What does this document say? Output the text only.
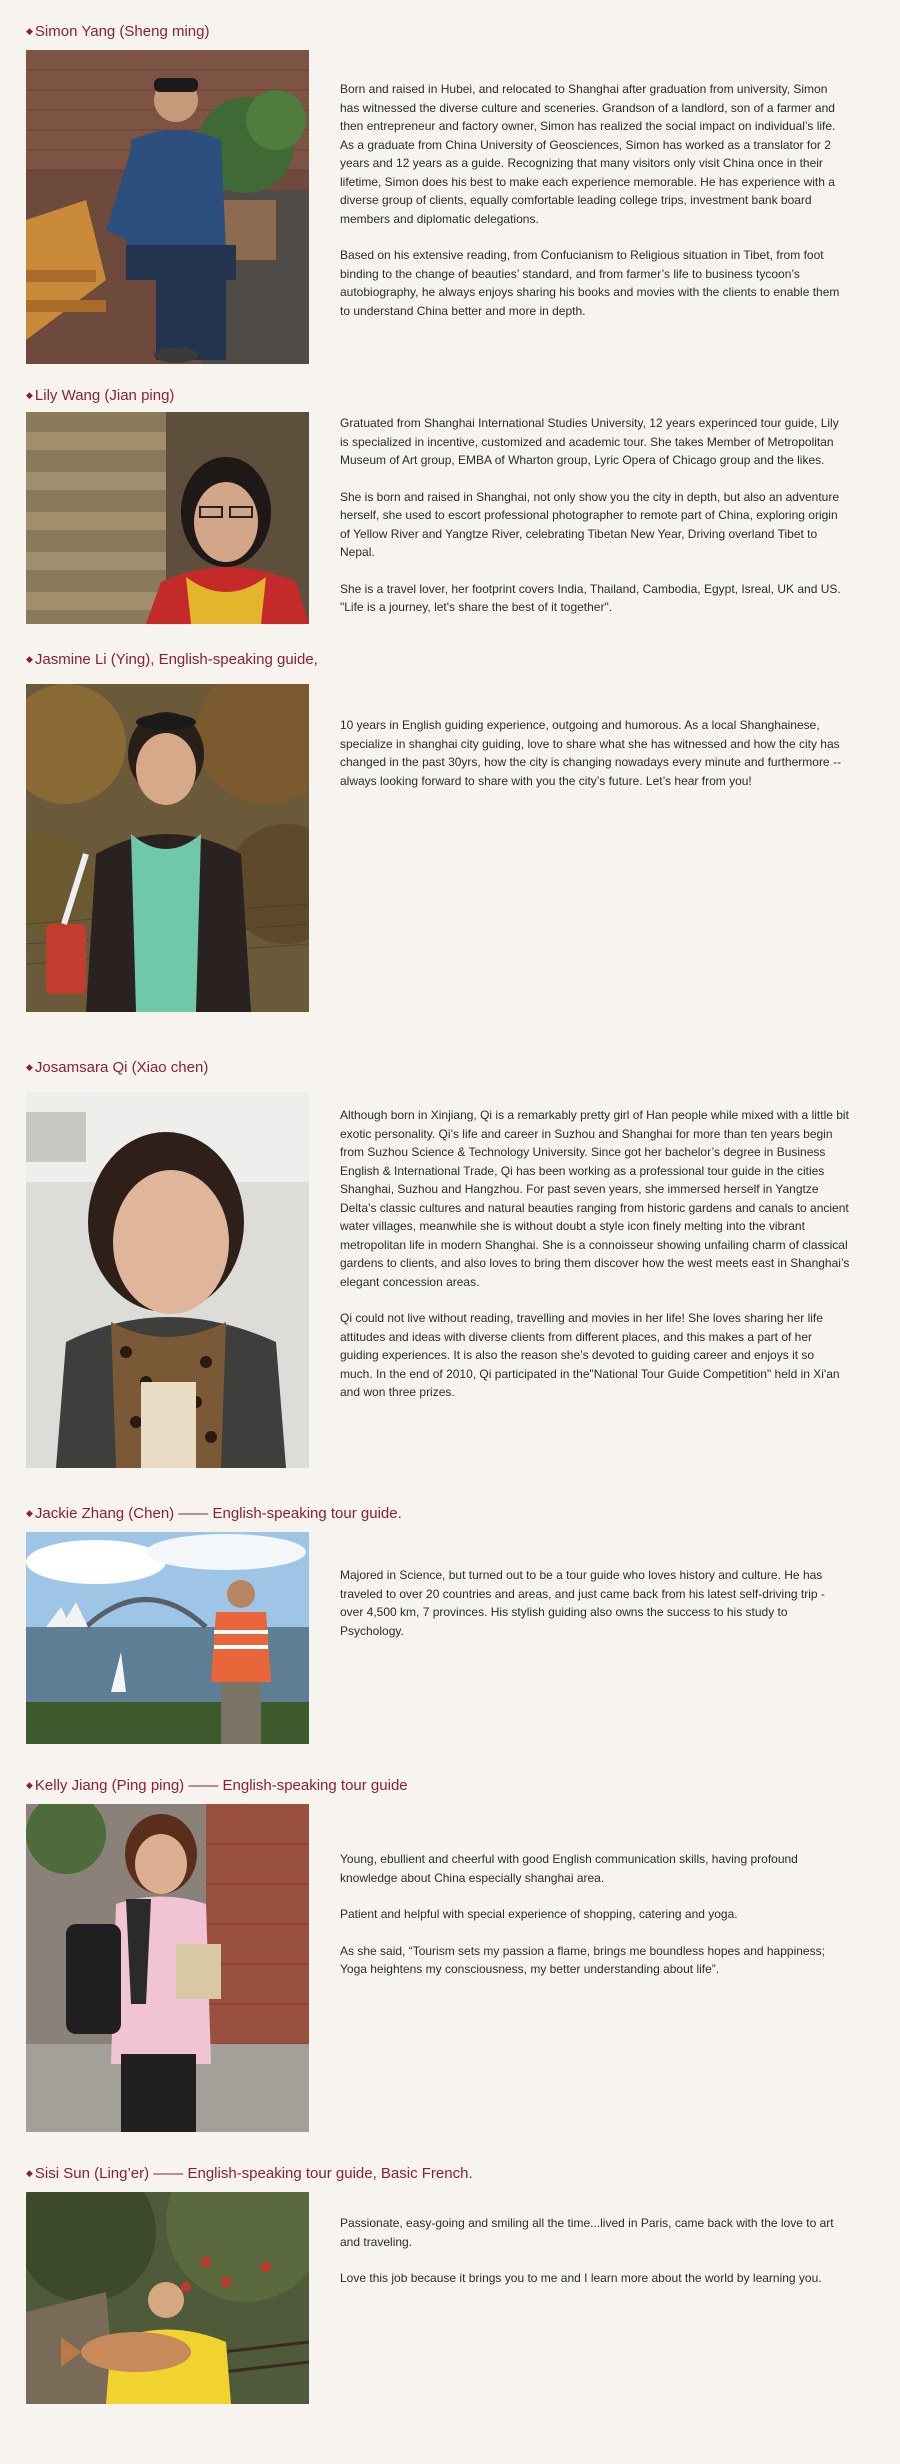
◆ Simon Yang (Sheng ming)

Born and raised in Hubei, and relocated to Shanghai after graduation from university, Simon has witnessed the diverse culture and sceneries. Grandson of a landlord, son of a farmer and then entrepreneur and factory owner, Simon has realized the social impact on individual’s life. As a graduate from China University of Geosciences, Simon has worked as a translator for 2 years and 12 years as a guide. Recognizing that many visitors only visit China once in their lifetime, Simon does his best to make each experience memorable. He has experience with a diverse group of clients, equally comfortable leading college trips, investment bank board members and diplomatic delegations.

Based on his extensive reading, from Confucianism to Religious situation in Tibet, from foot binding to the change of beauties’ standard, and from farmer’s life to business tycoon’s autobiography, he always enjoys sharing his books and movies with the clients to enable them to understand China better and more in depth.

◆ Lily Wang (Jian ping)

Gratuated from Shanghai International Studies University, 12 years experinced tour guide, Lily is specialized in incentive, customized and academic tour. She takes Member of Metropolitan Museum of Art group, EMBA of Wharton group, Lyric Opera of Chicago group and the likes.

She is born and raised in Shanghai, not only show you the city in depth, but also an adventure herself, she used to escort professional photographer to remote part of China, exploring origin of Yellow River and Yangtze River, celebrating Tibetan New Year, Driving overland Tibet to Nepal.

She is a travel lover, her footprint covers India, Thailand, Cambodia, Egypt, Isreal, UK and US. "Life is a journey, let's share the best of it together".

◆ Jasmine Li (Ying), English-speaking guide,

10 years in English guiding experience, outgoing and humorous. As a local Shanghainese, specialize in shanghai city guiding, love to share what she has witnessed and how the city has changed in the past 30yrs, how the city is changing nowadays every minute and furthermore -- always looking forward to share with you the city’s future. Let’s hear from you!

◆ Josamsara Qi (Xiao chen)

Although born in Xinjiang, Qi is a remarkably pretty girl of Han people while mixed with a little bit exotic personality. Qi’s life and career in Suzhou and Shanghai for more than ten years begin from Suzhou Science & Technology University. Since got her bachelor’s degree in Business English & International Trade, Qi has been working as a professional tour guide in the cities Shanghai, Suzhou and Hangzhou. For past seven years, she immersed herself in Yangtze Delta’s classic cultures and natural beauties ranging from historic gardens and canals to ancient water villages, meanwhile she is without doubt a style icon finely melting into the vibrant metropolitan life in modern Shanghai. She is a connoisseur showing unfailing charm of classical gardens to clients, and also loves to bring them discover how the west meets east in Shanghai’s elegant concession areas.

Qi could not live without reading, travelling and movies in her life! She loves sharing her life attitudes and ideas with diverse clients from different places, and this makes a part of her guiding experiences. It is also the reason she’s devoted to guiding career and enjoys it so much. In the end of 2010, Qi participated in the"National Tour Guide Competition" held in Xi'an and won three prizes.

◆ Jackie Zhang (Chen) —— English-speaking tour guide.

Majored in Science, but turned out to be a tour guide who loves history and culture. He has traveled to over 20 countries and areas, and just came back from his latest self-driving trip - over 4,500 km, 7 provinces. His stylish guiding also owns the success to his study to Psychology.

◆ Kelly Jiang (Ping ping) —— English-speaking tour guide

Young, ebullient and cheerful with good English communication skills, having profound knowledge about China especially shanghai area.

Patient and helpful with special experience of shopping, catering and yoga.

As she said, “Tourism sets my passion a flame, brings me boundless hopes and happiness; Yoga heightens my consciousness, my better understanding about life”.

◆ Sisi Sun (Ling’er) —— English-speaking tour guide, Basic French.

Passionate, easy-going and smiling all the time...lived in Paris, came back with the love to art and traveling.

Love this job because it brings you to me and I learn more about the world by learning you.
